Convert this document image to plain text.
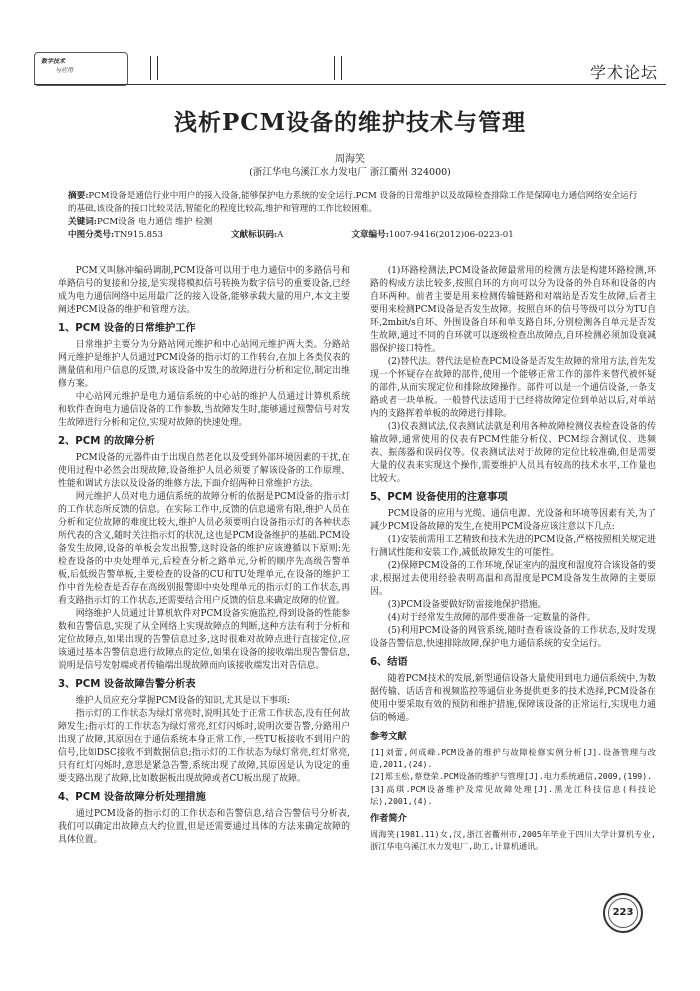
数字技术
与应用	学术论坛
浅析PCM设备的维护技术与管理
周海笑
(浙江华电乌溪江水力发电厂 浙江衢州 324000)
摘要:PCM设备是通信行业中用户的接入设备,能够保护电力系统的安全运行.PCM 设备的日常维护以及故障检查排除工作是保障电力通信网络安全运行的基础,该设备的接口比较灵活,智能化的程度比较高,维护和管理的工作比较困难。
关键词:PCM设备 电力通信 维护 检测
中图分类号:TN915.853	文献标识码:A	文章编号:1007-9416(2012)06-0223-01

PCM又叫脉冲编码调制,PCM设备可以用于电力通信中的多路信号和单路信号的复接和分接,是实现将模拟信号转换为数字信号的重要设备,已经成为电力通信网络中运用最广泛的接入设备,能够承载大量的用户,本文主要阐述PCM设备的维护和管理方法。

1、PCM 设备的日常维护工作

日常维护主要分为分路站网元维护和中心站网元维护两大类。分路站网元维护是维护人员通过PCM设备的指示灯的工作转台,在加上各类仪表的测量值和用户信息的反馈,对该设备中发生的故障进行分析和定位,制定出维修方案。

中心站网元维护是电力通信系统的中心站的维护人员通过计算机系统和软件查询电力通信设备的工作参数,当故障发生时,能够通过预警信号对发生故障进行分析和定位,实现对故障的快速处理。

2、PCM 的故障分析

PCM设备的元器件由于出现自然老化以及受到外部环境因素的干扰,在使用过程中必然会出现故障,设备维护人员必须要了解该设备的工作原理、性能和调试方法以及设备的维修方法,下面介绍两种日常维护方法。

网元维护人员对电力通信系统的故障分析的依据是PCM设备的指示灯的工作状态所反馈的信息。在实际工作中,反馈的信息通常有限,维护人员在分析和定位故障的难度比较大,维护人员必须要明白设备指示灯的各种状态所代表的含义,随时关注指示灯的状况,这也是PCM设备维护的基础.PCM设备发生故障,设备的单板会发出报警,这时设备的维护应该遵循以下原则:先检查设备的中央处理单元,后检查分析之路单元,分析的顺序先高级告警单板,后低级告警单板,主要检查的设备的CU和TU处理单元,在设备的维护工作中首先检查是否存在高级别报警即中央处理单元的指示灯的工作状态,再看支路指示灯的工作状态,还需要结合用户反馈的信息来确定故障的位置。

网络维护人员通过计算机软件对PCM设备实施监控,得到设备的性能参数和告警信息,实现了从全网络上实现故障点的判断,这种方法有利于分析和定位故障点,如果出现的告警信息过多,这时很难对故障点进行直接定位,应该通过基本告警信息进行故障点的定位,如果在设备的接收端出现告警信息,说明是信号发射端或者传输端出现故障而向该接收端发出对告信息。

3、PCM 设备故障告警分析表

维护人员应充分掌握PCM设备的知识,尤其是以下事项:

指示灯的工作状态为绿灯常亮时,说明其处于正常工作状态,没有任何故障发生;指示灯的工作状态为绿灯常亮,红灯闪烁时,说明次要告警,分路用户出现了故障,其原因在于通信系统本身正常工作,一些TU板接收不到用户的信号,比如DSC接收不到数据信息;指示灯的工作状态为绿灯常亮,红灯常亮,只有红灯闪烁时,意思是紧急告警,系统出现了故障,其原因是认为设定的重要支路出现了故障,比如数据板出现故障或者CU板出现了故障。

4、PCM 设备故障分析处理措施

通过PCM设备的指示灯的工作状态和告警信息,结合告警信号分析表,我们可以确定出故障点大约位置,但是还需要通过具体的方法来确定故障的具体位置。

(1)环路检测法,PCM设备故障最常用的检测方法是构建环路检测,环路的构成方法比较多,按照自环的方向可以分为设备的外自环和设备的内自环两种。前者主要是用来检测传输链路和对端站是否发生故障,后者主要用来检测PCM设备是否发生故障。按照自环的信号等级可以分为TU自环,2mbit/s自环、外围设备自环和单支路自环,分别检测各自单元是否发生故障,通过不同的自环就可以逐级检查出故障点,自环检测必须加设衰减器保护接口特性。

(2)替代法。替代法是检查PCM设备是否发生故障的常用方法,首先发现一个怀疑存在故障的部件,使用一个能够正常工作的部件来替代被怀疑的部件,从而实现定位和排除故障操作。部件可以是一个通信设备,一条支路或者一块单板。一般替代法适用于已经将故障定位到单站以后,对单站内的支路挥着单板的故障进行排除。

(3)仪表测试法,仪表测试法就是利用各种故障检测仪表检查设备的传输故障,通常使用的仪表有PCM性能分析仪、PCM综合测试仪、选频表、振荡器和误码仪等。仪表测试法对于故障的定位比较准确,但是需要大量的仪表来实现这个操作,需要维护人员具有较高的技术水平,工作量也比较大。

5、PCM 设备使用的注意事项

PCM设备的应用与光缆、通信电源、光设备和环境等因素有关,为了减少PCM设备故障的发生,在使用PCM设备应该注意以下几点:

(1)安装前需用工艺精致和技术先进的PCM设备,严格按照相关规定进行测试性能和安装工作,减低故障发生的可能性。

(2)保障PCM设备的工作环境,保证室内的温度和湿度符合该设备的要求,根据过去使用经验表明高温和高湿度是PCM设备发生故障的主要原因。

(3)PCM设备要做好防雷接地保护措施。

(4)对于经常发生故障的部件要准备一定数量的备件。

(5)利用PCM设备的网管系统,随时查看该设备的工作状态,及时发现设备告警信息,快速排除故障,保护电力通信系统的安全运行。

6、结语

随着PCM技术的发展,新型通信设备大量使用到电力通信系统中,为数据传输、话话音和视频监控等通信业务提供更多的技术选择,PCM设备在使用中要采取有效的预防和维护措施,保障该设备的正常运行,实现电力通信的畅通。

参考文献

[1]刘蕾,何成峰.PCM设备的维护与故障检修实例分析[J].设备管理与改造,2011,(24).

[2]郑玉松,蔡登荣.PCM设备的维护与管理[J].电力系统通信,2009,(199).

[3]高琪.PCM设备维护及常见故障处理[J].黑龙江科技信息(科技论坛),2001,(4).

作者简介

周海笑(1981.11)女,汉,浙江省衢州市,2005年毕业于四川大学计算机专业,浙江华电乌溪江水力发电厂,助工,计算机通讯。

223
